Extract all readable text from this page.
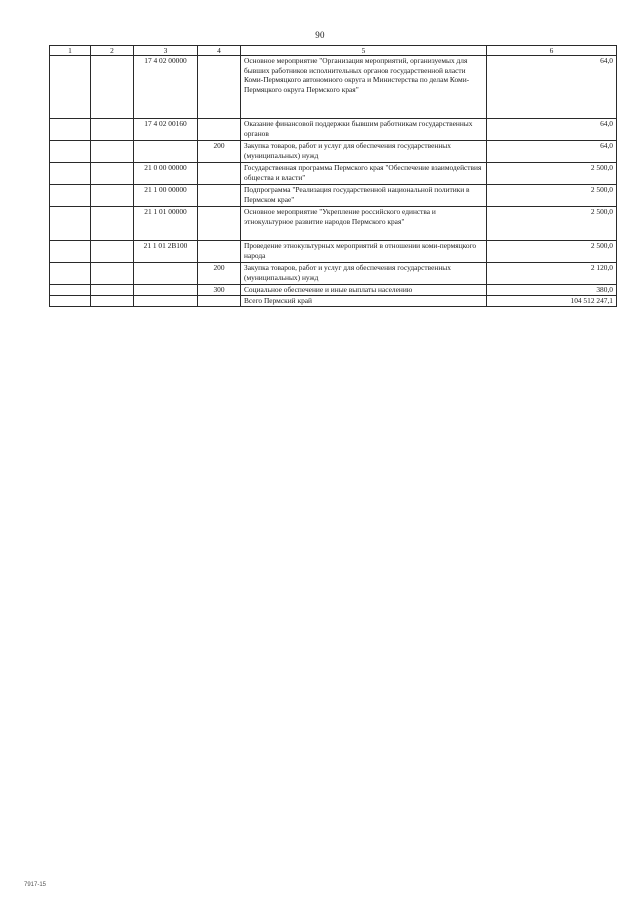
90
1	2	3	4	5	6
		17 4 02 00000		Основное мероприятие "Организация мероприятий, организуемых для бывших работников исполнительных органов государственной власти Коми-Пермяцкого автономного округа и Министерства по делам Коми-Пермяцкого округа Пермского края"	64,0
		17 4 02 00160		Оказание финансовой поддержки бывшим работникам государственных органов	64,0
			200	Закупка товаров, работ и услуг для обеспечения государственных (муниципальных) нужд	64,0
		21 0 00 00000		Государственная программа Пермского края "Обеспечение взаимодействия общества и власти"	2 500,0
		21 1 00 00000		Подпрограмма "Реализация государственной национальной политики в Пермском крае"	2 500,0
		21 1 01 00000		Основное мероприятие "Укрепление российского единства и этнокультурное развитие народов Пермского края"	2 500,0
		21 1 01 2В100		Проведение этнокультурных мероприятий в отношении коми-пермяцкого народа	2 500,0
			200	Закупка товаров, работ и услуг для обеспечения государственных (муниципальных) нужд	2 120,0
			300	Социальное обеспечение и иные выплаты населению	380,0
				Всего Пермский край	104 512 247,1
7917-15
